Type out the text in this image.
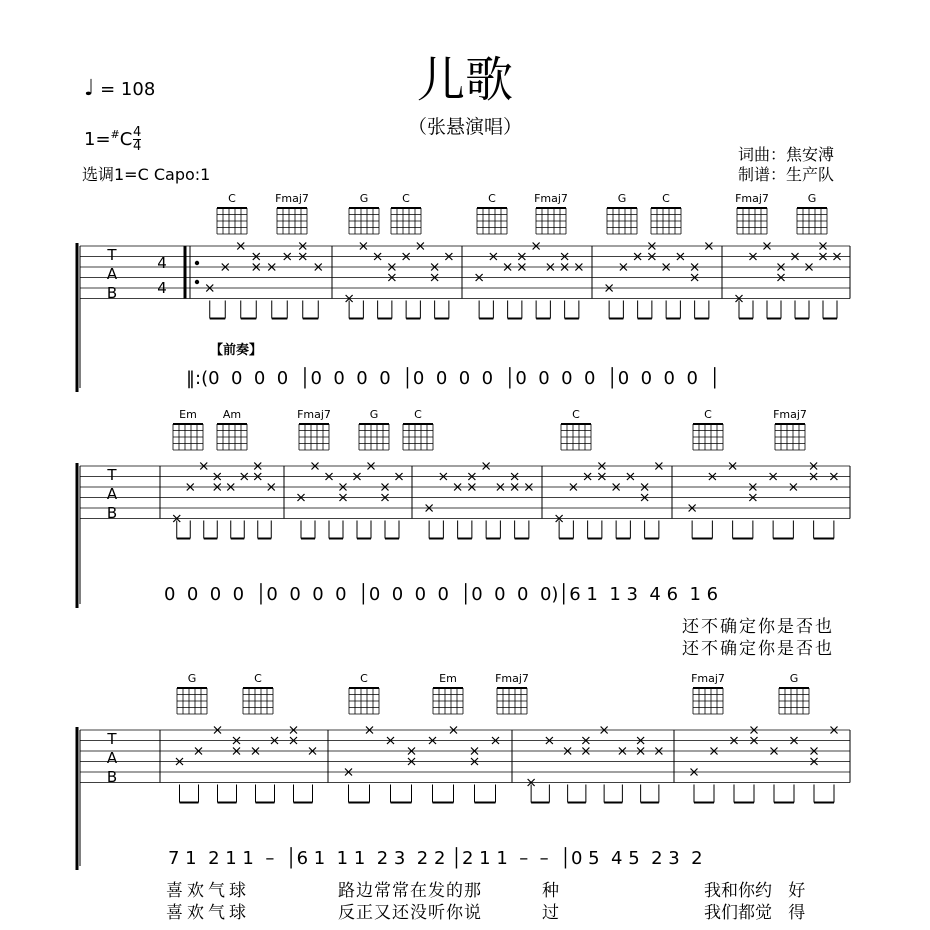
儿歌
（张悬演唱）
♩ = 108
$1=^{\#}C \frac{4}{4}$
选调1=C Capo:1
词曲：焦安溥
制谱：生产队
【前奏】
C	Fmaj7	G	C	C	Fmaj7	G	C	Fmaj7	G
T
A
B
4
4
Em Am	Fmaj7	G	C	C	C	Fmaj7
T
A
B
G	C	C	Em	Fmaj7	Fmaj7	G
T
A
B
‖:(0  0  0  0  │0  0  0  0  │0  0  0  0  │0  0  0  0  │0  0  0  0  │
0  0  0  0  │0  0  0  0  │0  0  0  0  │0  0  0  0)│6 1  1 3  4 6  1 6
还不确定你是否也
还不确定你是否也
7 1  2 1 1  –  │6 1  1 1  2 3  2 2 │2 1 1  –  –  │0 5  4 5  2 3  2
喜欢气球	路边常常在发的那	种	我和你约   好
喜欢气球	反正又还没听你说	过	我们都觉   得
